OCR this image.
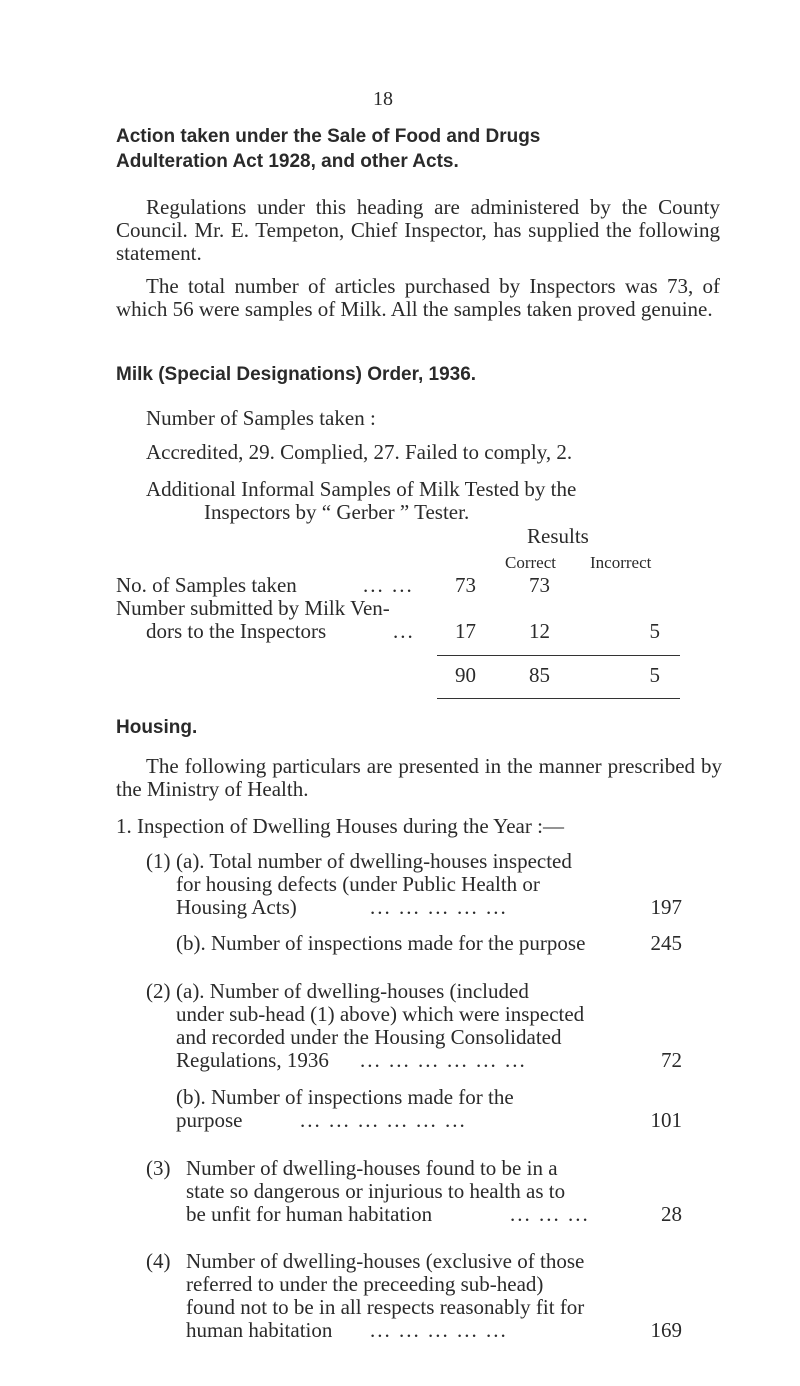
18
Action taken under the Sale of Food and Drugs
Adulteration Act 1928, and other Acts.
Regulations under this heading are administered by the County Council. Mr. E. Tempeton, Chief Inspector, has supplied the following statement.
The total number of articles purchased by Inspectors was 73, of which 56 were samples of Milk. All the samples taken proved genuine.
Milk (Special Designations) Order, 1936.
Number of Samples taken :
Accredited, 29. Complied, 27. Failed to comply, 2.
Additional Informal Samples of Milk Tested by the
Inspectors by “ Gerber ” Tester.
Results
Correct Incorrect
No. of Samples taken	... ...	73	73
Number submitted by Milk Ven-
dors to the Inspectors	...	17	12	5
90	85	5
Housing.
The following particulars are presented in the manner prescribed by the Ministry of Health.
1. Inspection of Dwelling Houses during the Year :—
(1) (a). Total number of dwelling-houses inspected
for housing defects (under Public Health or
Housing Acts)	... ... ... ... ...	197
(b). Number of inspections made for the purpose	245
(2) (a). Number of dwelling-houses (included
under sub-head (1) above) which were inspected
and recorded under the Housing Consolidated
Regulations, 1936 ... ... ... ... ... ...	72
(b). Number of inspections made for the
purpose	... ... ... ... ... ...	101
(3) Number of dwelling-houses found to be in a
state so dangerous or injurious to health as to
be unfit for human habitation	... ... ...	28
(4) Number of dwelling-houses (exclusive of those
referred to under the preceeding sub-head)
found not to be in all respects reasonably fit for
human habitation ... ... ... ... ...	169
